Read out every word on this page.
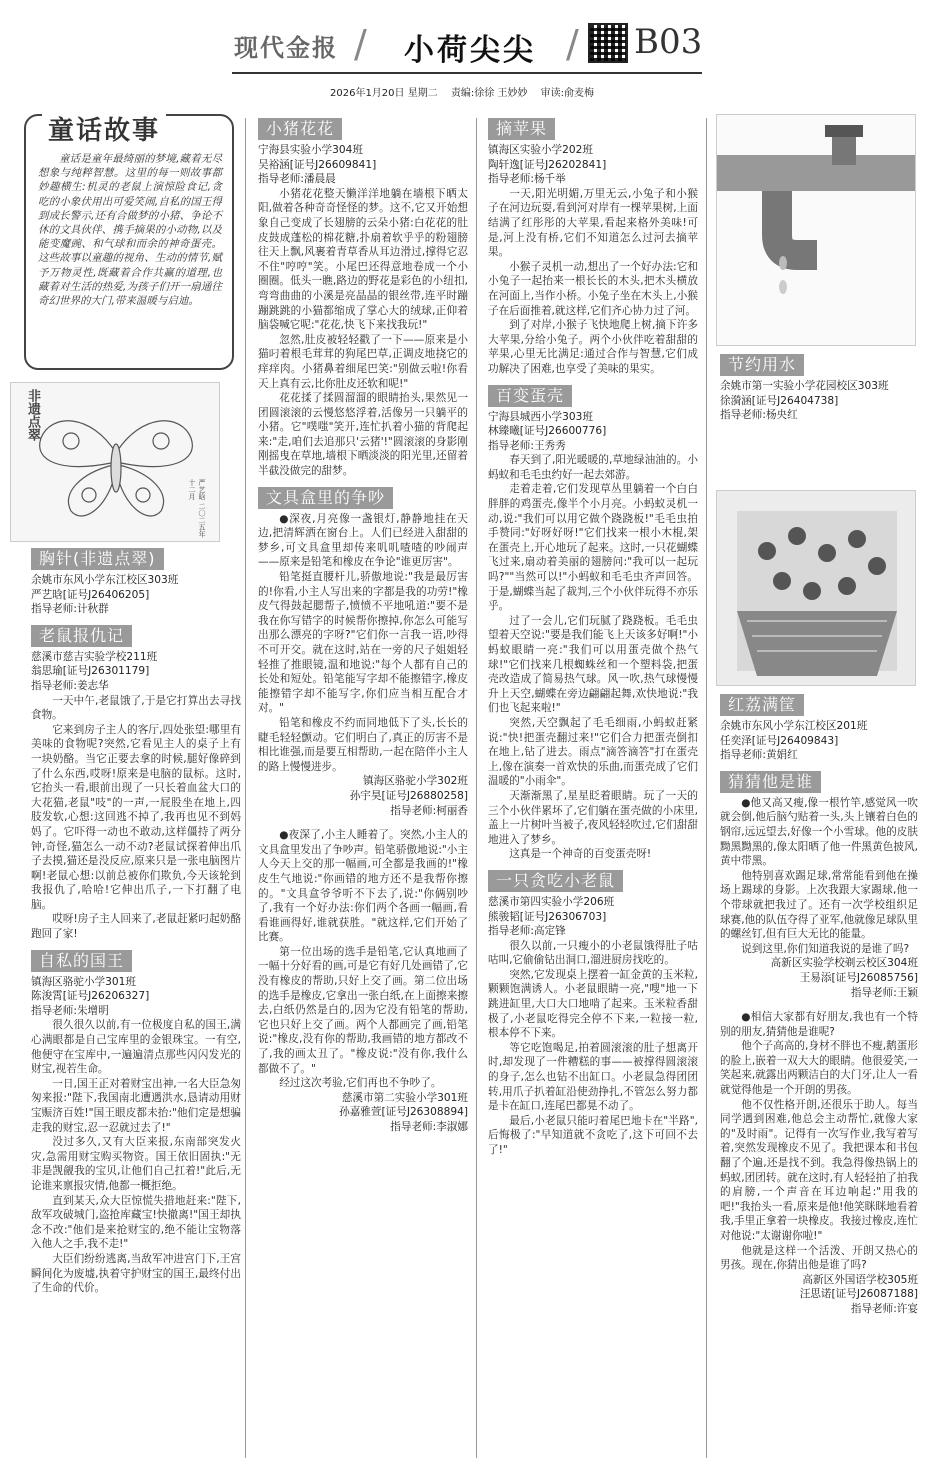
现代金报 / 小荷尖尖 / B03
2026年1月20日 星期二 责编:徐徐 王妙妙 审读:俞麦梅
童话故事

童话是童年最绮丽的梦境,藏着无尽想象与纯粹智慧。这里的每一则故事都妙趣横生:机灵的老鼠上演惊险食记,贪吃的小象伏用出可爱笑闹,自私的国王得到成长警示,还有合做梦的小猪、争论不休的文具伙伴、携手摘果的小动物,以及能变魔豌、和气球和而余的神奇蛋壳。这些故事以童趣的视角、生动的情节,赋予万物灵性,既藏着合作共赢的道理,也藏着对生活的热爱,为孩子们开一扇通往奇幻世界的大门,带来温暖与启迪。

非遗点翠
严艺晗 二〇二五年十二月
胸针(非遗点翠)
余姚市东风小学东江校区303班
严艺晗[证号J26406205]
指导老师:计秋群
老鼠报仇记
慈溪市慈吉实验学校211班
翁思瑜[证号J26301179]
指导老师:姜志华

一天中午,老鼠饿了,于是它打算出去寻找食物。

它来到房子主人的客厅,四处张望:哪里有美味的食物呢?突然,它看见主人的桌子上有一块奶酪。当它正要去拿的时候,腿好像碎到了什么东西,哎呀!原来是电脑的鼠标。这时,它抬头一看,眼前出现了一只长着血盆大口的大花猫,老鼠"吱"的一声,一屁股坐在地上,四肢发软,心想:这回逃不掉了,我再也见不到妈妈了。它吓得一动也不敢动,这样僵持了两分钟,奇怪,猫怎么一动不动?老鼠试探着伸出爪子去摸,猫还是没反应,原来只是一张电脑图片啊!老鼠心想:以前总被你们欺负,今天该轮到我报仇了,哈哈!它伸出爪子,一下打翻了电脑。

哎呀!房子主人回来了,老鼠赶紧叼起奶酪跑回了家!

自私的国王
镇海区骆驼小学301班
陈浚霄[证号J26206327]
指导老师:朱增明

很久很久以前,有一位极度自私的国王,满心满眼都是自己宝库里的金银珠宝。一有空,他便守在宝库中,一遍遍清点那些闪闪发光的财宝,视若生命。

一日,国王正对着财宝出神,一名大臣急匆匆来报:"陛下,我国南北遭遇洪水,恳请动用财宝赈济百姓!"国王眼皮都未抬:"他们定是想骗走我的财宝,忍一忍就过去了!"

没过多久,又有大臣来报,东南部突发火灾,急需用财宝购买物资。国王依旧固执:"无非是觊觎我的宝贝,让他们自己扛着!"此后,无论谁来禀报灾情,他都一概拒绝。

直到某天,众大臣惊慌失措地赶来:"陛下,敌军攻破城门,盗抢库藏宝!快撤离!"国王却执念不改:"他们是来抢财宝的,绝不能让宝物落入他人之手,我不走!"

大臣们纷纷逃离,当敌军冲进宫门下,王宫瞬间化为废墟,执着守护财宝的国王,最终付出了生命的代价。

小猪花花
宁海县实验小学304班
吴裕涵[证号J26609841]
指导老师:潘晨晨

小猪花花整天懒洋洋地躺在墙根下晒太阳,做着各种奇奇怪怪的梦。这不,它又开始想象自己变成了长翅膀的云朵小猪:白花花的肚皮鼓成蓬松的棉花糖,扑扇着软乎乎的粉翅膀往天上飘,风裹着青草香从耳边滑过,撑得它忍不住"哼哼"笑。小尾巴还得意地卷成一个小圈圈。低头一瞧,路边的野花是彩色的小纽扣,弯弯曲曲的小溪是亮晶晶的银丝带,连平时蹦蹦跳跳的小猫都缩成了掌心大的绒球,正仰着脑袋喊它呢:"花花,快飞下来找我玩!"

忽然,肚皮被轻轻戳了一下——原来是小猫叼着根毛茸茸的狗尾巴草,正调皮地挠它的痒痒肉。小猪鼻着细尾巴笑:"别做云啦!你看天上真有云,比你肚皮还软和呢!"

花花揉了揉圆溜溜的眼睛抬头,果然见一团圆滚滚的云慢悠悠浮着,活像另一只躺平的小猪。它"噗嗤"笑开,连忙扒着小猫的背爬起来:"走,咱们去追那只'云猪'!"圆滚滚的身影刚刚摇曳在草地,墙根下晒淡淡的阳光里,还留着半截没做完的甜梦。

文具盒里的争吵

●深夜,月亮像一盏银灯,静静地挂在天边,把清辉洒在窗台上。人们已经进入甜甜的梦乡,可文具盒里却传来叽叽喳喳的吵闹声——原来是铅笔和橡皮在争论"谁更厉害"。

铅笔挺直腰杆儿,骄傲地说:"我是最厉害的!你看,小主人写出来的字都是我的功劳!"橡皮气得鼓起腮帮子,愤愤不平地吼道:"要不是我在你写错字的时候帮你擦掉,你怎么可能写出那么漂亮的字呀?"它们你一言我一语,吵得不可开交。就在这时,站在一旁的尺子姐姐轻轻推了推眼镜,温和地说:"每个人都有自己的长处和短处。铅笔能写字却不能擦错字,橡皮能擦错字却不能写字,你们应当相互配合才对。"

铅笔和橡皮不约而同地低下了头,长长的睫毛轻轻颤动。它们明白了,真正的厉害不是相比谁强,而是要互相帮助,一起在陪伴小主人的路上慢慢进步。

镇海区骆驼小学302班
孙宇昊[证号J26880258]
指导老师:柯丽香

●夜深了,小主人睡着了。突然,小主人的文具盒里发出了争吵声。铅笔骄傲地说:"小主人今天上交的那一幅画,可全都是我画的!"橡皮生气地说:"你画错的地方还不是我帮你擦的。"文具盒爷爷听不下去了,说:"你俩别吵了,我有一个好办法:你们两个各画一幅画,看看谁画得好,谁就获胜。"就这样,它们开始了比赛。

第一位出场的选手是铅笔,它认真地画了一幅十分好看的画,可是它有好几处画错了,它没有橡皮的帮助,只好上交了画。第二位出场的选手是橡皮,它拿出一张白纸,在上面擦来擦去,白纸仍然是白的,因为它没有铅笔的帮助,它也只好上交了画。两个人都画完了画,铅笔说:"橡皮,没有你的帮助,我画错的地方都改不了,我的画太丑了。"橡皮说:"没有你,我什么都做不了。"

经过这次考验,它们再也不争吵了。

慈溪市第二实验小学301班
孙嘉雅萱[证号J26308894]
指导老师:李淑娜
摘苹果
镇海区实验小学202班
陶轩逸[证号J26202841]
指导老师:杨千举

一天,阳光明媚,万里无云,小兔子和小猴子在河边玩耍,看到河对岸有一棵苹果树,上面结满了红彤彤的大苹果,看起来格外美味!可是,河上没有桥,它们不知道怎么过河去摘苹果。

小猴子灵机一动,想出了一个好办法:它和小兔子一起抬来一根长长的木头,把木头横放在河面上,当作小桥。小兔子坐在木头上,小猴子在后面推着,就这样,它们齐心协力过了河。

到了对岸,小猴子飞快地爬上树,摘下许多大苹果,分给小兔子。两个小伙伴吃着甜甜的苹果,心里无比满足:通过合作与智慧,它们成功解决了困难,也享受了美味的果实。

百变蛋壳
宁海县城西小学303班
林臻曦[证号J26600776]
指导老师:王秀秀

春天到了,阳光暖暖的,草地绿油油的。小蚂蚁和毛毛虫约好一起去郊游。

走着走着,它们发现草丛里躺着一个白白胖胖的鸡蛋壳,像半个小月亮。小蚂蚁灵机一动,说:"我们可以用它做个跷跷板!"毛毛虫拍手赞同:"好呀好呀!"它们找来一根小木棍,架在蛋壳上,开心地玩了起来。这时,一只花蝴蝶飞过来,扇动着美丽的翅膀问:"我可以一起玩吗?""当然可以!"小蚂蚁和毛毛虫齐声回答。于是,蝴蝶当起了裁判,三个小伙伴玩得不亦乐乎。

过了一会儿,它们玩腻了跷跷板。毛毛虫望着天空说:"要是我们能飞上天该多好啊!"小蚂蚁眼睛一亮:"我们可以用蛋壳做个热气球!"它们找来几根蜘蛛丝和一个塑料袋,把蛋壳改造成了简易热气球。风一吹,热气球慢慢升上天空,蝴蝶在旁边翩翩起舞,欢快地说:"我们也飞起来啦!"

突然,天空飘起了毛毛细雨,小蚂蚁赶紧说:"快!把蛋壳翻过来!"它们合力把蛋壳倒扣在地上,钻了进去。雨点"滴答滴答"打在蛋壳上,像在演奏一首欢快的乐曲,而蛋壳成了它们温暖的"小雨伞"。

天渐渐黑了,星星眨着眼睛。玩了一天的三个小伙伴累坏了,它们躺在蛋壳做的小床里,盖上一片树叶当被子,夜风轻轻吹过,它们甜甜地进入了梦乡。

这真是一个神奇的百变蛋壳呀!

一只贪吃小老鼠
慈溪市第四实验小学206班
熊骏韬[证号J26306703]
指导老师:高定锋

很久以前,一只瘦小的小老鼠饿得肚子咕咕叫,它偷偷钻出洞口,溜进厨房找吃的。

突然,它发现桌上摆着一缸金黄的玉米粒,颗颗饱满诱人。小老鼠眼睛一亮,"嗖"地一下跳进缸里,大口大口地啃了起来。玉米粒香甜极了,小老鼠吃得完全停不下来,一粒接一粒,根本停不下来。

等它吃饱喝足,拍着圆滚滚的肚子想离开时,却发现了一件糟糕的事——被撑得圆滚滚的身子,怎么也钻不出缸口。小老鼠急得团团转,用爪子扒着缸沿使劲挣扎,不管怎么努力都是卡在缸口,连尾巴都晃不动了。

最后,小老鼠只能叼着尾巴地卡在"半路",后悔极了:"早知道就不贪吃了,这下可回不去了!"

节约用水
余姚市第一实验小学花园校区303班
徐漪涵[证号J26404738]
指导老师:杨央红
红荔满筐
余姚市东风小学东江校区201班
任奕泽[证号J26409843]
指导老师:黄娟红
猜猜他是谁

●他又高又瘦,像一根竹竿,感觉风一吹就会倒,他后脑勺贴着一头,头上镶着白色的钢帘,远远望去,好像一个小雪球。他的皮肤黝黑黝黑的,像太阳晒了他一件黑黄色披风,黄中带黑。

他特别喜欢踢足球,常常能看到他在操场上踢球的身影。上次我跟大家踢球,他一个带球就把我过了。还有一次学校组织足球赛,他的队伍夺得了亚军,他就像足球队里的螺丝钉,但有巨大无比的能量。

说到这里,你们知道我说的是谁了吗?

高新区实验学校剃云校区304班
王易添[证号J26085756]
指导老师:王颖

●相信大家都有好朋友,我也有一个特别的朋友,猜猜他是谁呢?

他个子高高的,身材不胖也不瘦,鹅蛋形的脸上,嵌着一双大大的眼睛。他很爱笑,一笑起来,就露出两颗洁白的大门牙,让人一看就觉得他是一个开朗的男孩。

他不仅性格开朗,还很乐于助人。每当同学遇到困难,他总会主动帮忙,就像大家的"及时雨"。记得有一次写作业,我写着写着,突然发现橡皮不见了。我把课本和书包翻了个遍,还是找不到。我急得像热锅上的蚂蚁,团团转。就在这时,有人轻轻拍了拍我的肩膀,一个声音在耳边响起:"用我的吧!"我抬头一看,原来是他!他笑眯眯地看着我,手里正拿着一块橡皮。我接过橡皮,连忙对他说:"太谢谢你啦!"

他就是这样一个活泼、开朗又热心的男孩。现在,你猜出他是谁了吗?

高新区外国语学校305班
汪思诺[证号J26087188]
指导老师:许宴
